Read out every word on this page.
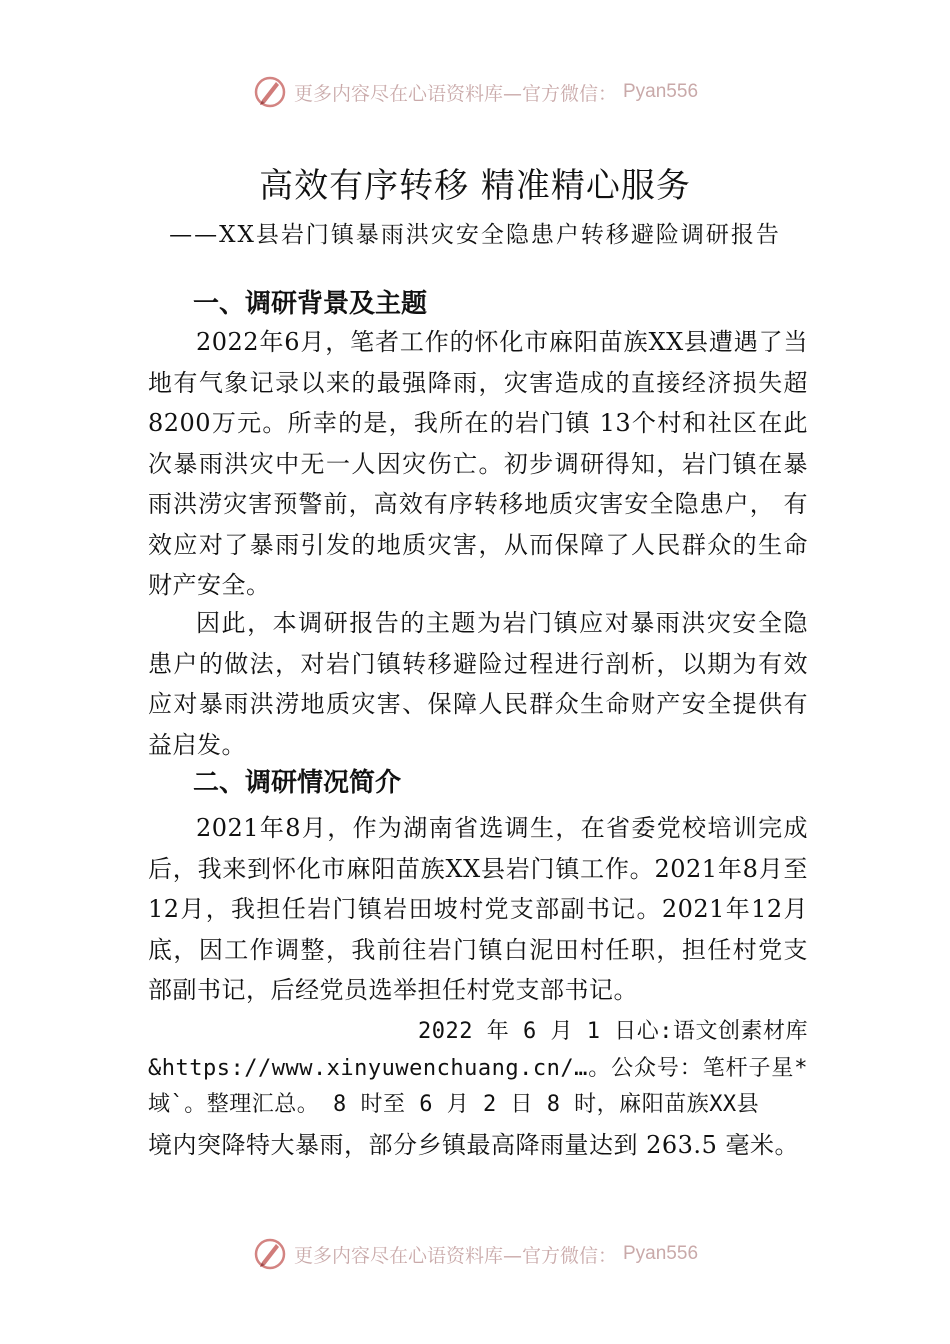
更多内容尽在心语资料库—官方微信： Pyan556
高效有序转移 精准精心服务
——XX县岩门镇暴雨洪灾安全隐患户转移避险调研报告
一、调研背景及主题

2022年6月，笔者工作的怀化市麻阳苗族XX县遭遇了当地有气象记录以来的最强降雨，灾害造成的直接经济损失超8200万元。所幸的是，我所在的岩门镇 13个村和社区在此次暴雨洪灾中无一人因灾伤亡。初步调研得知，岩门镇在暴雨洪涝灾害预警前，高效有序转移地质灾害安全隐患户， 有效应对了暴雨引发的地质灾害，从而保障了人民群众的生命财产安全。

因此，本调研报告的主题为岩门镇应对暴雨洪灾安全隐患户的做法，对岩门镇转移避险过程进行剖析，以期为有效应对暴雨洪涝地质灾害、保障人民群众生命财产安全提供有益启发。

二、调研情况简介

2021年8月，作为湖南省选调生，在省委党校培训完成后，我来到怀化市麻阳苗族XX县岩门镇工作。2021年8月至12月，我担任岩门镇岩田坡村党支部副书记。2021年12月底，因工作调整，我前往岩门镇白泥田村任职，担任村党支部副书记，后经党员选举担任村党支部书记。

2022 年 6 月 1 日心:语文创素材库
&https://www.xinyuwenchuang.cn/…。公众号：笔杆子星*域`。整理汇总。 8 时至 6 月 2 日 8 时，麻阳苗族XX县
境内突降特大暴雨，部分乡镇最高降雨量达到 263.5 毫米。
更多内容尽在心语资料库—官方微信： Pyan556
